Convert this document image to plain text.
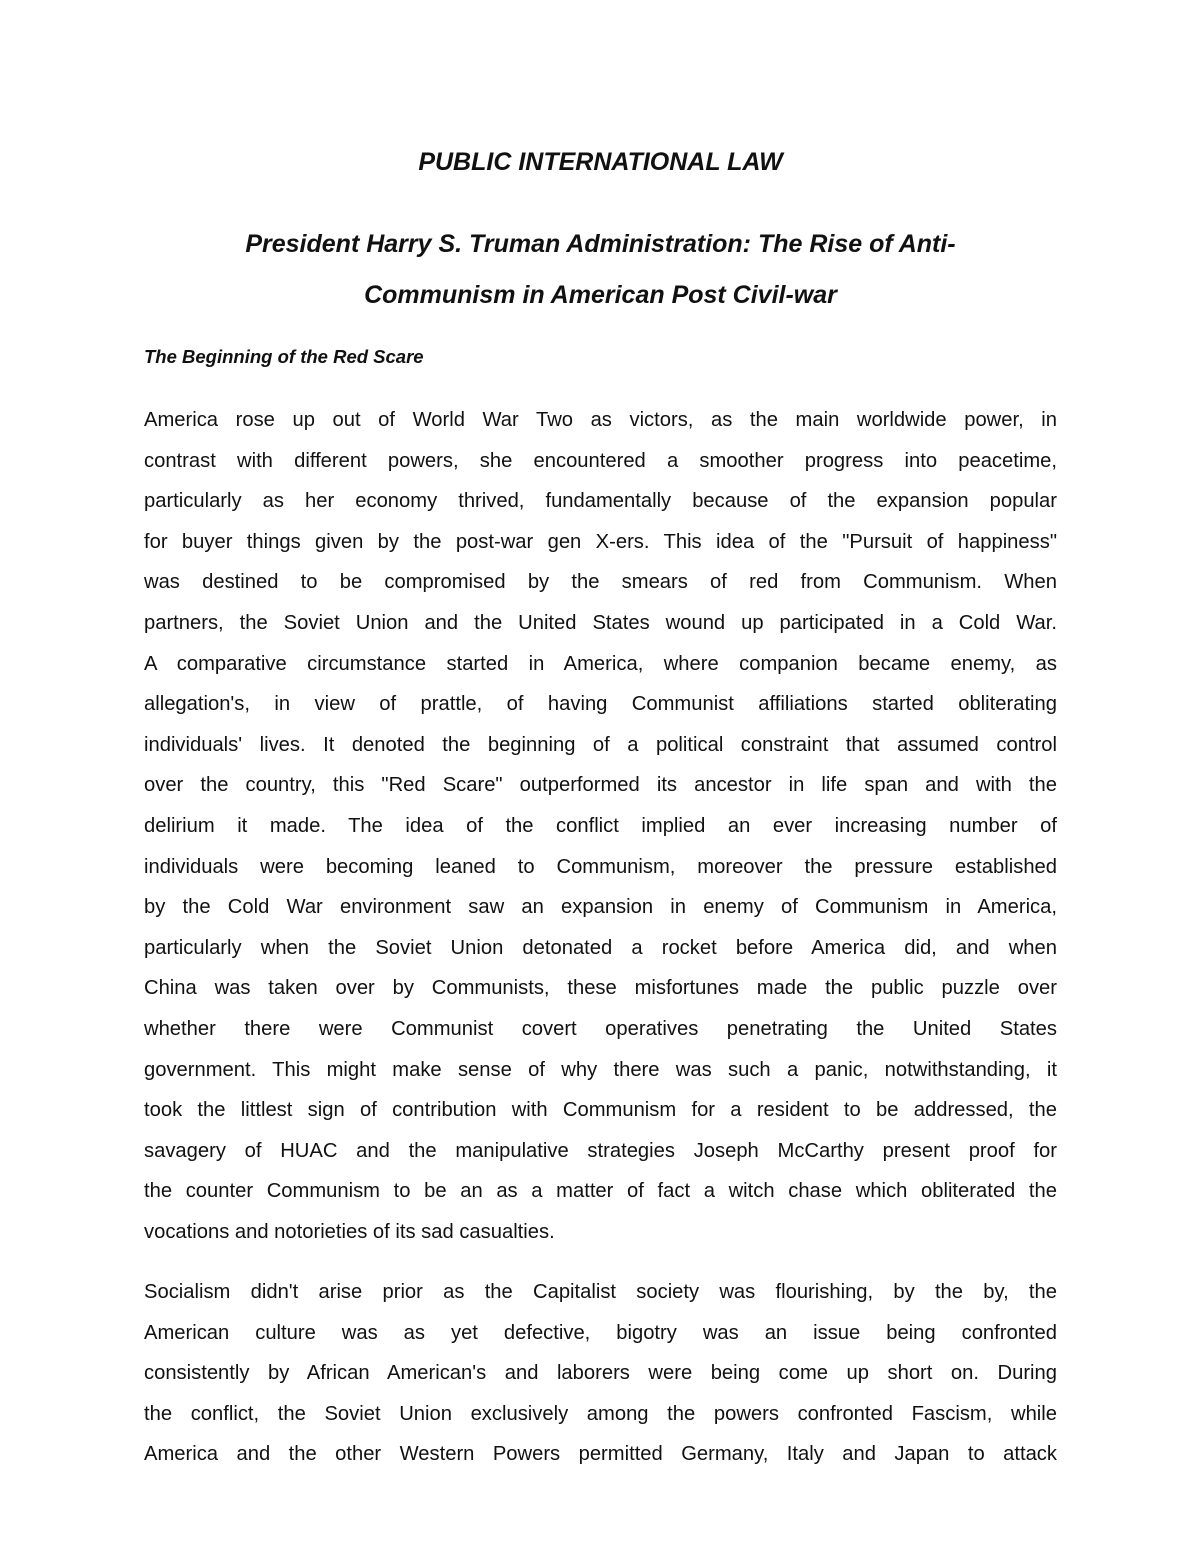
PUBLIC INTERNATIONAL LAW
President Harry S. Truman Administration: The Rise of Anti-
Communism in American Post Civil-war
The Beginning of the Red Scare
America rose up out of World War Two as victors, as the main worldwide power, in
contrast with different powers, she encountered a smoother progress into peacetime,
particularly as her economy thrived, fundamentally because of the expansion popular
for buyer things given by the post-war gen X-ers. This idea of the "Pursuit of happiness"
was destined to be compromised by the smears of red from Communism. When
partners, the Soviet Union and the United States wound up participated in a Cold War.
A comparative circumstance started in America, where companion became enemy, as
allegation's, in view of prattle, of having Communist affiliations started obliterating
individuals' lives. It denoted the beginning of a political constraint that assumed control
over the country, this "Red Scare" outperformed its ancestor in life span and with the
delirium it made. The idea of the conflict implied an ever increasing number of
individuals were becoming leaned to Communism, moreover the pressure established
by the Cold War environment saw an expansion in enemy of Communism in America,
particularly when the Soviet Union detonated a rocket before America did, and when
China was taken over by Communists, these misfortunes made the public puzzle over
whether there were Communist covert operatives penetrating the United States
government. This might make sense of why there was such a panic, notwithstanding, it
took the littlest sign of contribution with Communism for a resident to be addressed, the
savagery of HUAC and the manipulative strategies Joseph McCarthy present proof for
the counter Communism to be an as a matter of fact a witch chase which obliterated the
vocations and notorieties of its sad casualties.
Socialism didn't arise prior as the Capitalist society was flourishing, by the by, the
American culture was as yet defective, bigotry was an issue being confronted
consistently by African American's and laborers were being come up short on. During
the conflict, the Soviet Union exclusively among the powers confronted Fascism, while
America and the other Western Powers permitted Germany, Italy and Japan to attack
